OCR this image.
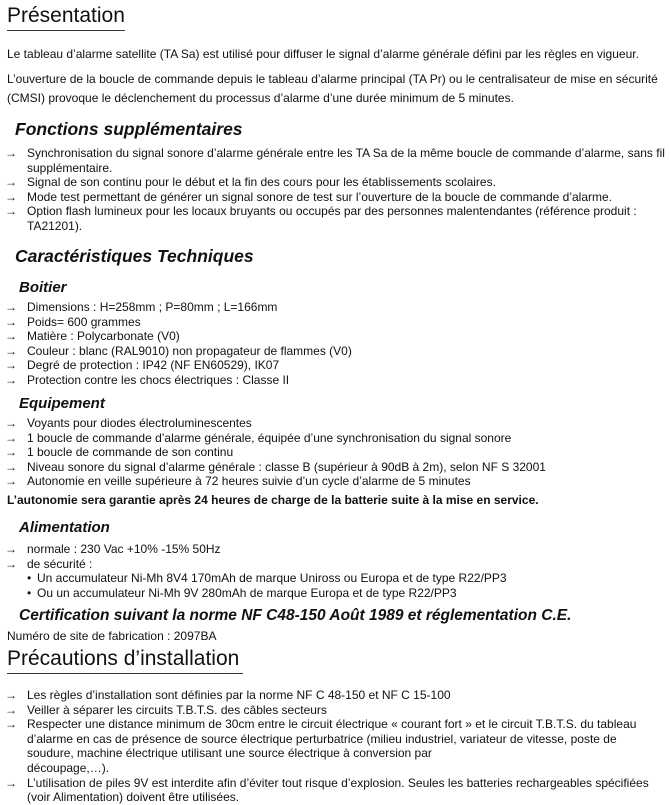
Présentation
Le tableau d’alarme satellite (TA Sa) est utilisé pour diffuser le signal d’alarme générale défini par les règles en vigueur.
L’ouverture de la boucle de commande depuis le tableau d’alarme principal (TA Pr) ou le centralisateur de mise en sécurité (CMSI) provoque le déclenchement du processus d’alarme d’une durée minimum de 5 minutes.
Fonctions supplémentaires
→ Synchronisation du signal sonore d’alarme générale entre les TA Sa de la même boucle de commande d’alarme, sans fil supplémentaire.
→ Signal de son continu pour le début et la fin des cours pour les établissements scolaires.
→ Mode test permettant de générer un signal sonore de test sur l’ouverture de la boucle de commande d’alarme.
→ Option flash lumineux pour les locaux bruyants ou occupés par des personnes malentendantes (référence produit : TA21201).
Caractéristiques Techniques
Boitier
→ Dimensions : H=258mm ; P=80mm ; L=166mm
→ Poids= 600 grammes
→ Matière : Polycarbonate (V0)
→ Couleur : blanc (RAL9010) non propagateur de flammes (V0)
→ Degré de protection : IP42 (NF EN60529), IK07
→ Protection contre les chocs électriques : Classe II
Equipement
→ Voyants pour diodes électroluminescentes
→ 1 boucle de commande d’alarme générale, équipée d’une synchronisation du signal sonore
→ 1 boucle de commande de son continu
→ Niveau sonore du signal d’alarme générale : classe B (supérieur à 90dB à 2m), selon NF S 32001
→ Autonomie en veille supérieure à 72 heures suivie d’un cycle d’alarme de 5 minutes
L’autonomie sera garantie après 24 heures de charge de la batterie suite à la mise en service.
Alimentation
→ normale : 230 Vac +10% -15% 50Hz
→ de sécurité :
• Un accumulateur Ni-Mh 8V4 170mAh de marque Uniross ou Europa et de type R22/PP3
• Ou un accumulateur Ni-Mh 9V 280mAh de marque Europa et de type R22/PP3
Certification suivant la norme NF C48-150 Août 1989 et réglementation C.E.
Numéro de site de fabrication : 2097BA
Précautions d’installation
→ Les règles d’installation sont définies par la norme NF C 48-150 et NF C 15-100
→ Veiller à séparer les circuits T.B.T.S. des câbles secteurs
→ Respecter une distance minimum de 30cm entre le circuit électrique « courant fort » et le circuit T.B.T.S. du tableau d’alarme en cas de présence de source électrique perturbatrice (milieu industriel, variateur de vitesse, poste de soudure, machine électrique utilisant une source électrique à conversion par
découpage,…).
→ L’utilisation de piles 9V est interdite afin d’éviter tout risque d’explosion. Seules les batteries rechargeables spécifiées (voir Alimentation) doivent être utilisées.
